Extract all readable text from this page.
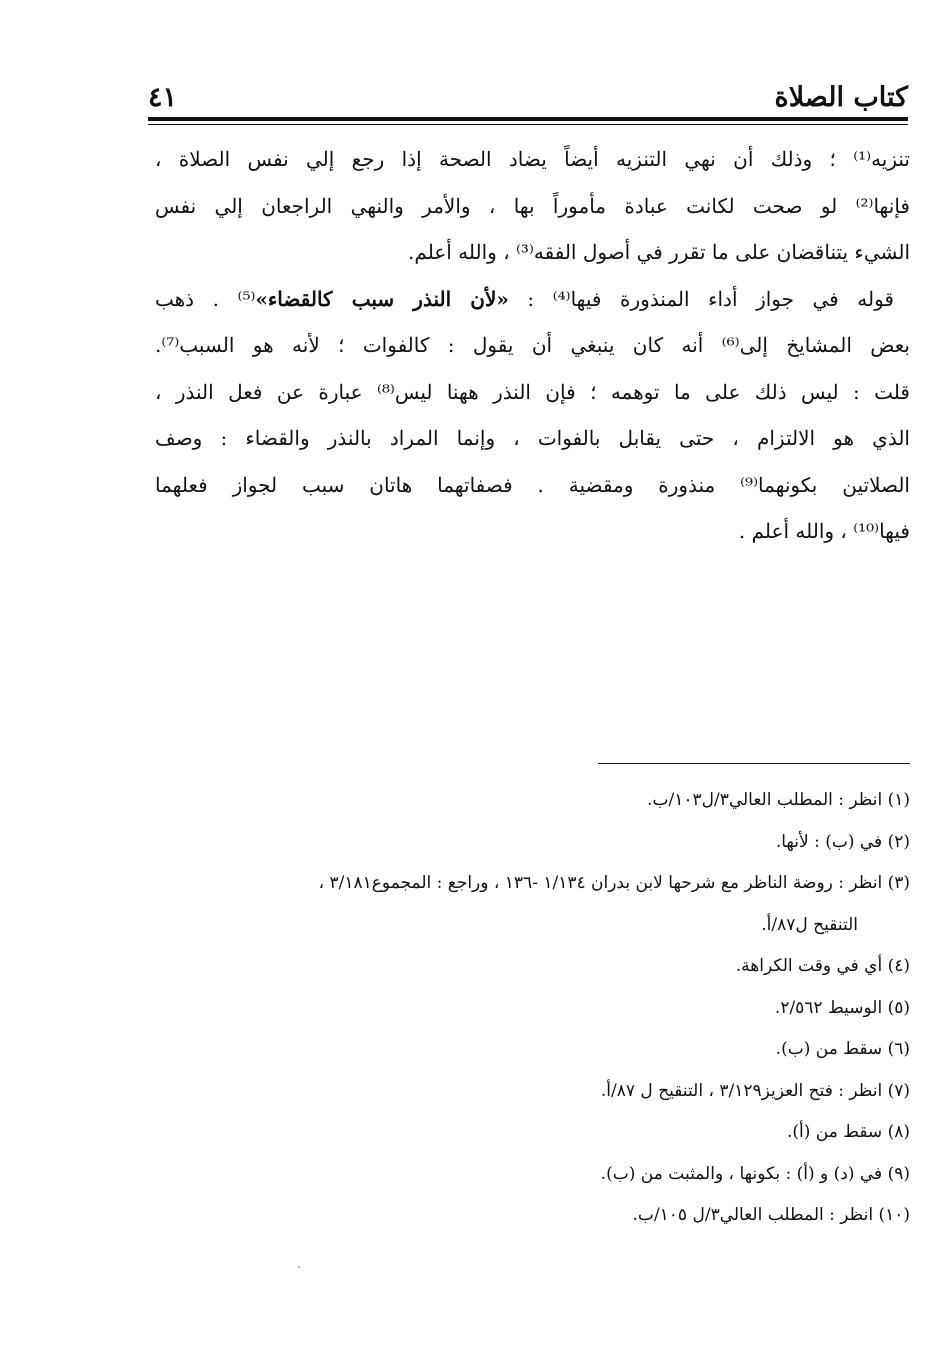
كتاب الصلاة
٤١
تنزيه⁽¹⁾ ؛ وذلك أن نهي التنزيه أيضاً يضاد الصحة إذا رجع إلي نفس الصلاة ،
فإنها⁽²⁾ لو صحت لكانت عبادة مأموراً بها ، والأمر والنهي الراجعان إلي نفس
الشيء يتناقضان على ما تقرر في أصول الفقه⁽³⁾ ، والله أعلم.
قوله في جواز أداء المنذورة فيها⁽⁴⁾ : «لأن النذر سبب كالقضاء»⁽⁵⁾ . ذهب
بعض المشايخ إلى⁽⁶⁾ أنه كان ينبغي أن يقول : كالفوات ؛ لأنه هو السبب⁽⁷⁾.
قلت : ليس ذلك على ما توهمه ؛ فإن النذر ههنا ليس⁽⁸⁾ عبارة عن فعل النذر ،
الذي هو الالتزام ، حتى يقابل بالفوات ، وإنما المراد بالنذر والقضاء : وصف
الصلاتين بكونهما⁽⁹⁾ منذورة ومقضية . فصفاتهما هاتان سبب لجواز فعلهما
فيها⁽¹⁰⁾ ، والله أعلم .
(١) انظر : المطلب العالي٣/ل١٠٣/ب.
(٢) في (ب) : لأنها.
(٣) انظر : روضة الناظر مع شرحها لابن بدران ١/١٣٤ -١٣٦ ، وراجع : المجموع٣/١٨١ ،
التنقيح ل٨٧/أ.
(٤) أي في وقت الكراهة.
(٥) الوسيط ٢/٥٦٢.
(٦) سقط من (ب).
(٧) انظر : فتح العزيز٣/١٢٩ ، التنقيح ل ٨٧/أ.
(٨) سقط من (أ).
(٩) في (د) و (أ) : بكونها ، والمثبت من (ب).
(١٠) انظر : المطلب العالي٣/ل ١٠٥/ب.
